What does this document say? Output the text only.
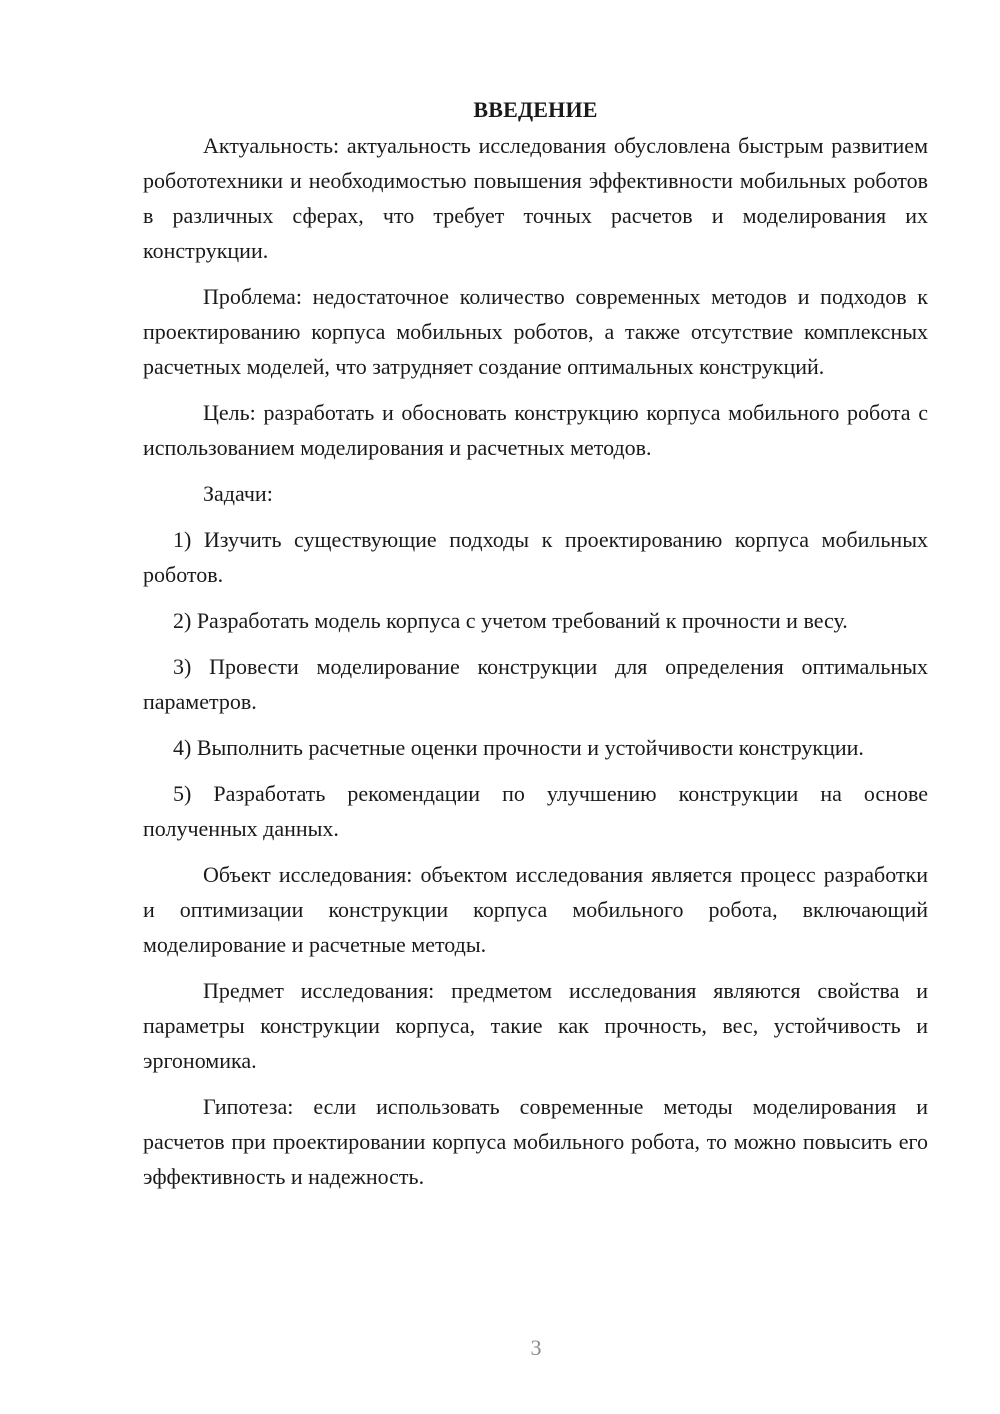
ВВЕДЕНИЕ

Актуальность: актуальность исследования обусловлена быстрым развитием робототехники и необходимостью повышения эффективности мобильных роботов в различных сферах, что требует точных расчетов и моделирования их конструкции.

Проблема: недостаточное количество современных методов и подходов к проектированию корпуса мобильных роботов, а также отсутствие комплексных расчетных моделей, что затрудняет создание оптимальных конструкций.

Цель: разработать и обосновать конструкцию корпуса мобильного робота с использованием моделирования и расчетных методов.

Задачи:

1) Изучить существующие подходы к проектированию корпуса мобильных роботов.

2) Разработать модель корпуса с учетом требований к прочности и весу.

3) Провести моделирование конструкции для определения оптимальных параметров.

4) Выполнить расчетные оценки прочности и устойчивости конструкции.

5) Разработать рекомендации по улучшению конструкции на основе полученных данных.

Объект исследования: объектом исследования является процесс разработки и оптимизации конструкции корпуса мобильного робота, включающий моделирование и расчетные методы.

Предмет исследования: предметом исследования являются свойства и параметры конструкции корпуса, такие как прочность, вес, устойчивость и эргономика.

Гипотеза: если использовать современные методы моделирования и расчетов при проектировании корпуса мобильного робота, то можно повысить его эффективность и надежность.

3
